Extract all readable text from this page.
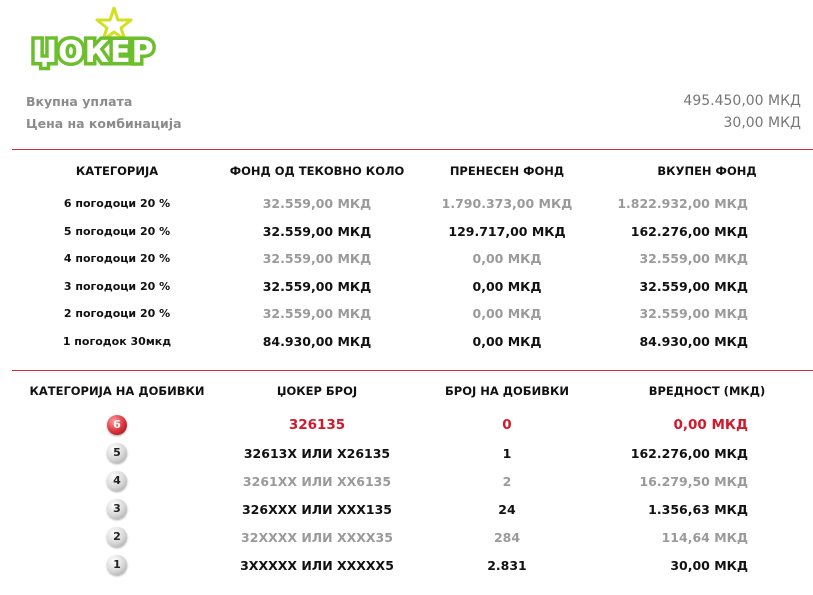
ЏОКЕР
Вкупна уплата	495.450,00 МКД
Цена на комбинација	30,00 МКД
КАТЕГОРИЈА	ФОНД ОД ТЕКОВНО КОЛО	ПРЕНЕСЕН ФОНД	ВКУПЕН ФОНД
6 погодоци 20 %	32.559,00 МКД	1.790.373,00 МКД	1.822.932,00 МКД
5 погодоци 20 %	32.559,00 МКД	129.717,00 МКД	162.276,00 МКД
4 погодоци 20 %	32.559,00 МКД	0,00 МКД	32.559,00 МКД
3 погодоци 20 %	32.559,00 МКД	0,00 МКД	32.559,00 МКД
2 погодоци 20 %	32.559,00 МКД	0,00 МКД	32.559,00 МКД
1 погодок 30мкд	84.930,00 МКД	0,00 МКД	84.930,00 МКД
КАТЕГОРИЈА НА ДОБИВКИ	ЏОКЕР БРОЈ	БРОЈ НА ДОБИВКИ	ВРЕДНОСТ (МКД)
6	326135	0	0,00 МКД
5	32613X ИЛИ X26135	1	162.276,00 МКД
4	3261XX ИЛИ XX6135	2	16.279,50 МКД
3	326XXX ИЛИ XXX135	24	1.356,63 МКД
2	32XXXX ИЛИ XXXX35	284	114,64 МКД
1	3XXXXX ИЛИ XXXXX5	2.831	30,00 МКД
